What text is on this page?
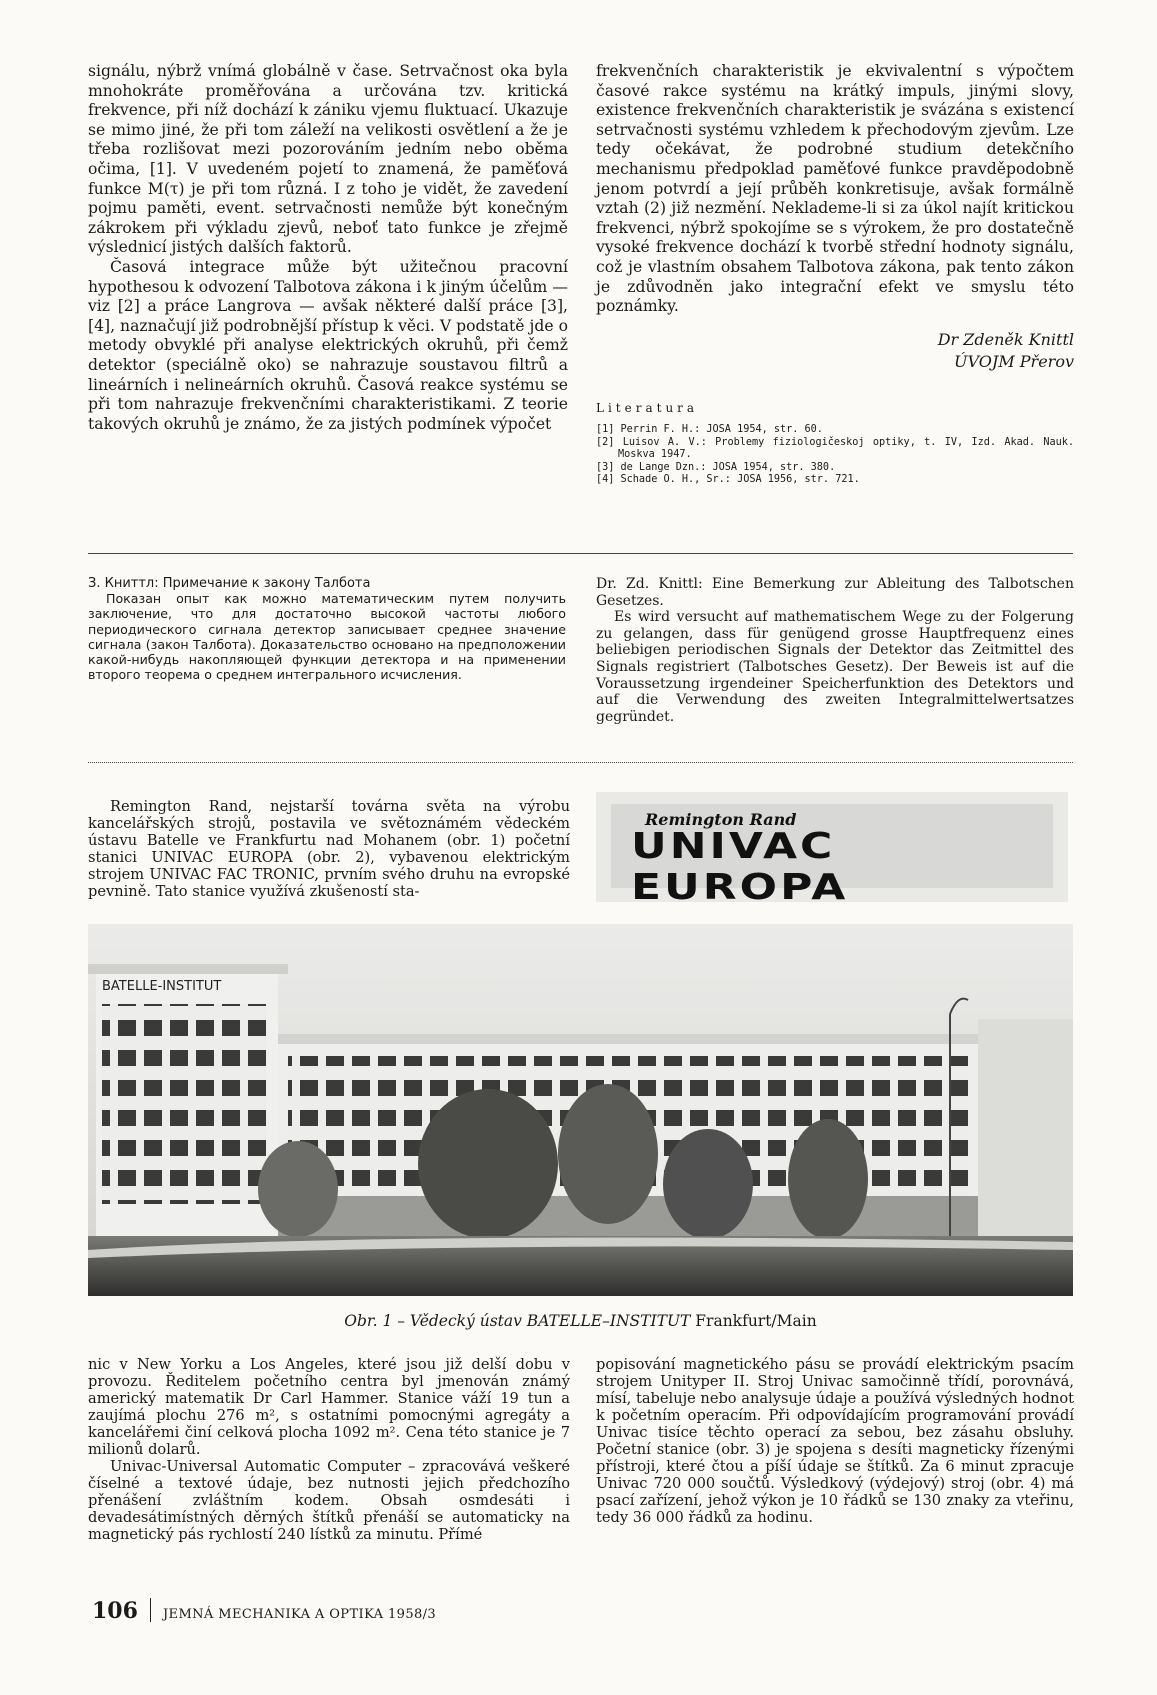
signálu, nýbrž vnímá globálně v čase. Setrvačnost oka byla mnohokráte proměřována a určována tzv. kritická frekvence, při níž dochází k zániku vjemu fluktuací. Ukazuje se mimo jiné, že při tom záleží na velikosti osvětlení a že je třeba rozlišovat mezi pozorováním jedním nebo oběma očima, [1]. V uvedeném pojetí to znamená, že paměťová funkce M(τ) je při tom různá. I z toho je vidět, že zavedení pojmu paměti, event. setrvačnosti nemůže být konečným zákrokem při výkladu zjevů, neboť tato funkce je zřejmě výslednicí jistých dalších faktorů.

Časová integrace může být užitečnou pracovní hypothesou k odvození Talbotova zákona i k jiným účelům — viz [2] a práce Langrova — avšak některé další práce [3], [4], naznačují již podrobnější přístup k věci. V podstatě jde o metody obvyklé při analyse elektrických okruhů, při čemž detektor (speciálně oko) se nahrazuje soustavou filtrů a lineárních i nelineárních okruhů. Časová reakce systému se při tom nahrazuje frekvenčními charakteristikami. Z teorie takových okruhů je známo, že za jistých podmínek výpočet

frekvenčních charakteristik je ekvivalentní s výpočtem časové rakce systému na krátký impuls, jinými slovy, existence frekvenčních charakteristik je svázána s existencí setrvačnosti systému vzhledem k přechodovým zjevům. Lze tedy očekávat, že podrobné studium detekčního mechanismu předpoklad paměťové funkce pravděpodobně jenom potvrdí a její průběh konkretisuje, avšak formálně vztah (2) již nezmění. Neklademe-li si za úkol najít kritickou frekvenci, nýbrž spokojíme se s výrokem, že pro dostatečně vysoké frekvence dochází k tvorbě střední hodnoty signálu, což je vlastním obsahem Talbotova zákona, pak tento zákon je zdůvodněn jako integrační efekt ve smyslu této poznámky.

Dr Zdeněk Knittl
ÚVOJM Přerov
Literatura
[1] Perrin F. H.: JOSA 1954, str. 60.
[2] Luisov A. V.: Problemy fiziologičeskoj optiky, t. IV, Izd. Akad. Nauk. Moskva 1947.
[3] de Lange Dzn.: JOSA 1954, str. 380.
[4] Schade O. H., Sr.: JOSA 1956, str. 721.

З. Книттл: Примечание к закону Талбота

Показан опыт как можно математическим путем получить заключение, что для достаточно высокой частоты любого периодического сигнала детектор записывает среднее значение сигнала (закон Талбота). Доказательство основано на предположении какой-нибудь накопляющей функции детектора и на применении второго теорема о среднем интегрального исчисления.

Dr. Zd. Knittl: Eine Bemerkung zur Ableitung des Talbotschen Gesetzes.

Es wird versucht auf mathematischem Wege zu der Folgerung zu gelangen, dass für genügend grosse Hauptfrequenz eines beliebigen periodischen Signals der Detektor das Zeitmittel des Signals registriert (Talbotsches Gesetz). Der Beweis ist auf die Voraussetzung irgendeiner Speicherfunktion des Detektors und auf die Verwendung des zweiten Integralmittelwertsatzes gegründet.

Remington Rand, nejstarší továrna světa na výrobu kancelářských strojů, postavila ve světoznámém vědeckém ústavu Batelle ve Frankfurtu nad Mohanem (obr. 1) početní stanici UNIVAC EUROPA (obr. 2), vybavenou elektrickým strojem UNIVAC FAC TRONIC, prvním svého druhu na evropské pevnině. Tato stanice využívá zkušeností sta-

Remington Rand
UNIVAC EUROPA
BATELLE-INSTITUT
Obr. 1 – Vědecký ústav BATELLE–INSTITUT Frankfurt/Main

nic v New Yorku a Los Angeles, které jsou již delší dobu v provozu. Ředitelem početního centra byl jmenován známý americký matematik Dr Carl Hammer. Stanice váží 19 tun a zaujímá plochu 276 m², s ostatními pomocnými agregáty a kancelářemi činí celková plocha 1092 m². Cena této stanice je 7 milionů dolarů.

Univac-Universal Automatic Computer – zpracovává veškeré číselné a textové údaje, bez nutnosti jejich předchozího přenášení zvláštním kodem. Obsah osmdesáti i devadesátimístných děrných štítků přenáší se automaticky na magnetický pás rychlostí 240 lístků za minutu. Přímé

popisování magnetického pásu se provádí elektrickým psacím strojem Unityper II. Stroj Univac samočinně třídí, porovnává, mísí, tabeluje nebo analysuje údaje a používá výsledných hodnot k početním operacím. Při odpovídajícím programování provádí Univac tisíce těchto operací za sebou, bez zásahu obsluhy. Početní stanice (obr. 3) je spojena s desíti magneticky řízenými přístroji, které čtou a píší údaje se štítků. Za 6 minut zpracuje Univac 720 000 součtů. Výsledkový (výdejový) stroj (obr. 4) má psací zařízení, jehož výkon je 10 řádků se 130 znaky za vteřinu, tedy 36 000 řádků za hodinu.

106 JEMNÁ MECHANIKA A OPTIKA 1958/3
